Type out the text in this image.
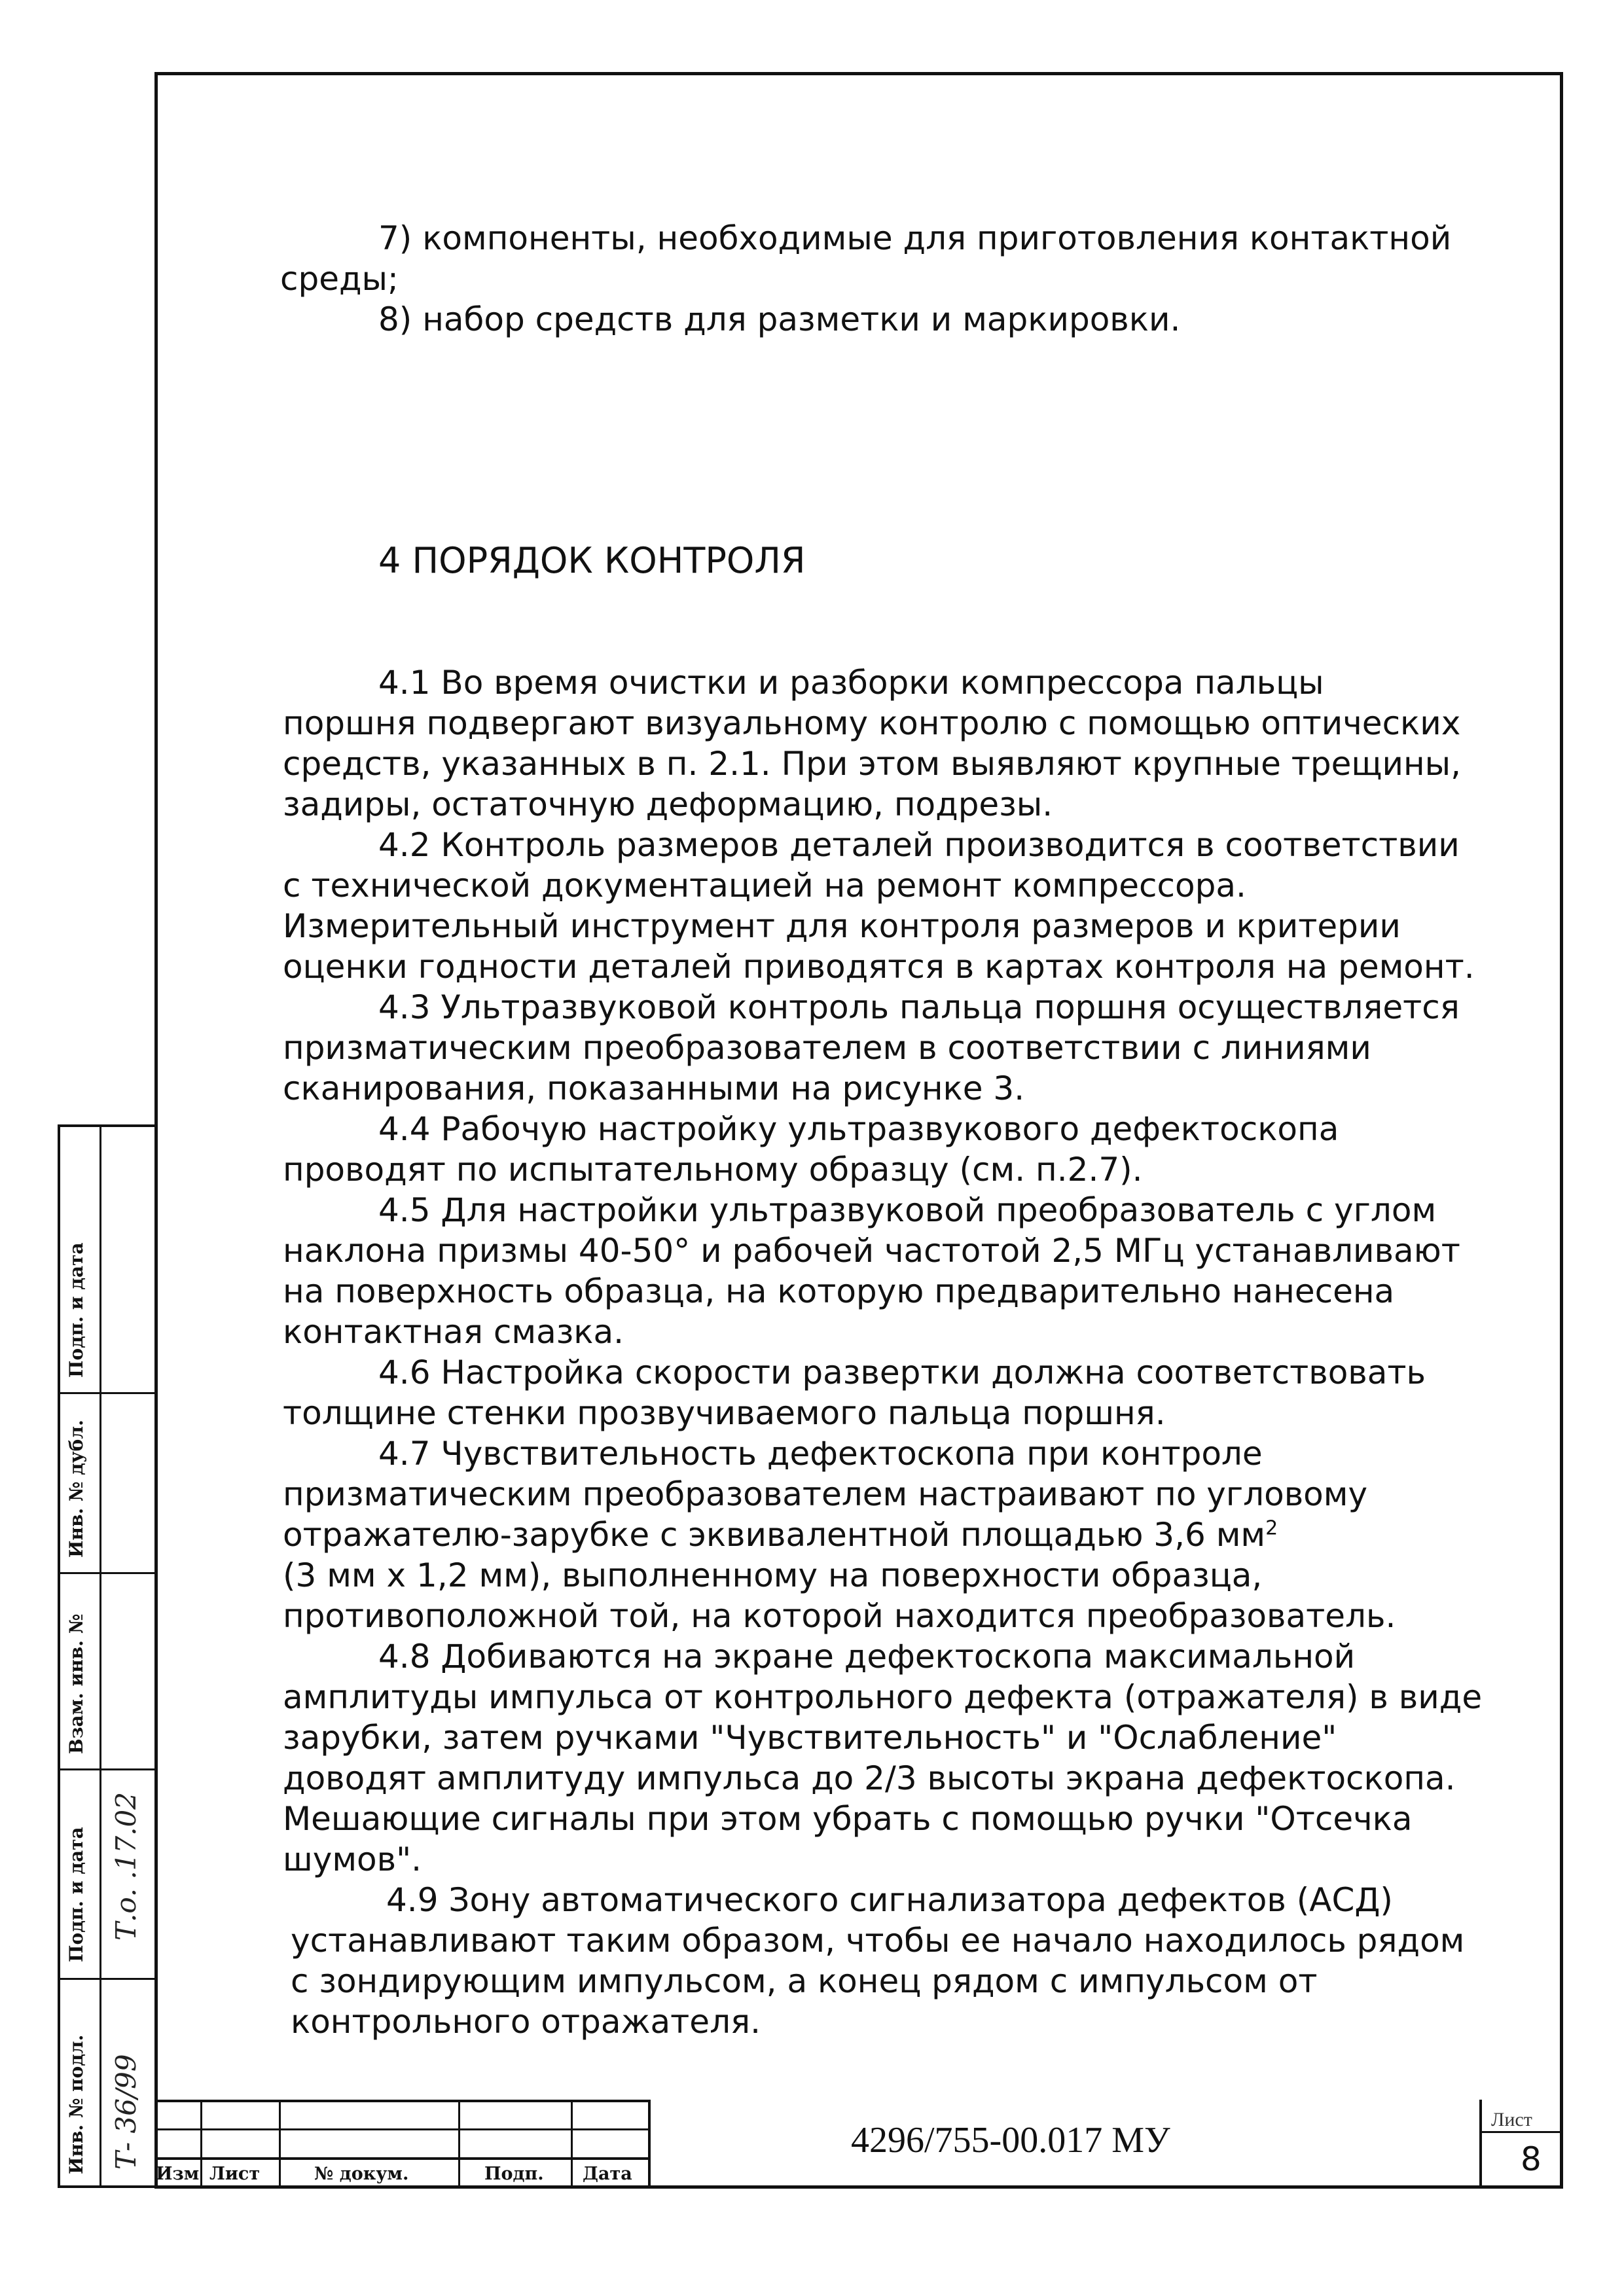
7) компоненты, необходимые для приготовления контактной
среды;
8) набор средств для разметки и маркировки.
4 ПОРЯДОК КОНТРОЛЯ
4.1 Во время очистки и разборки компрессора пальцы
поршня подвергают визуальному контролю с помощью оптических
средств, указанных в п. 2.1. При этом выявляют крупные трещины,
задиры, остаточную деформацию, подрезы.
4.2 Контроль размеров деталей производится в соответствии
с технической документацией на ремонт компрессора.
Измерительный инструмент для контроля размеров и критерии
оценки годности деталей приводятся в картах контроля на ремонт.
4.3 Ультразвуковой контроль пальца поршня осуществляется
призматическим преобразователем в соответствии с линиями
сканирования, показанными на рисунке 3.
4.4 Рабочую настройку ультразвукового дефектоскопа
проводят по испытательному образцу (см. п.2.7).
4.5 Для настройки ультразвуковой преобразователь с углом
наклона призмы 40-50° и рабочей частотой 2,5 МГц устанавливают
на поверхность образца, на которую предварительно нанесена
контактная смазка.
4.6 Настройка скорости развертки должна соответствовать
толщине стенки прозвучиваемого пальца поршня.
4.7 Чувствительность дефектоскопа при контроле
призматическим преобразователем настраивают по угловому
отражателю-зарубке с эквивалентной площадью 3,6 $мм^2$
(3 мм х 1,2 мм), выполненному на поверхности образца,
противоположной той, на которой находится преобразователь.
4.8 Добиваются на экране дефектоскопа максимальной
амплитуды импульса от контрольного дефекта (отражателя) в виде
зарубки, затем ручками "Чувствительность" и "Ослабление"
доводят амплитуду импульса до 2/3 высоты экрана дефектоскопа.
Мешающие сигналы при этом убрать с помощью ручки "Отсечка
шумов".
4.9 Зону автоматического сигнализатора дефектов (АСД)
устанавливают таким образом, чтобы ее начало находилось рядом
с зондирующим импульсом, а конец рядом с импульсом от
контрольного отражателя.
Подп. и дата
Инв. № дубл.
Взам. инв. №
Подп. и дата
Инв. № подл.
Т.о. .17.02
Т- 36/99
Изм Лист	№ докум.	Подп. Дата
4296/755-00.017 МУ
Лист
8
